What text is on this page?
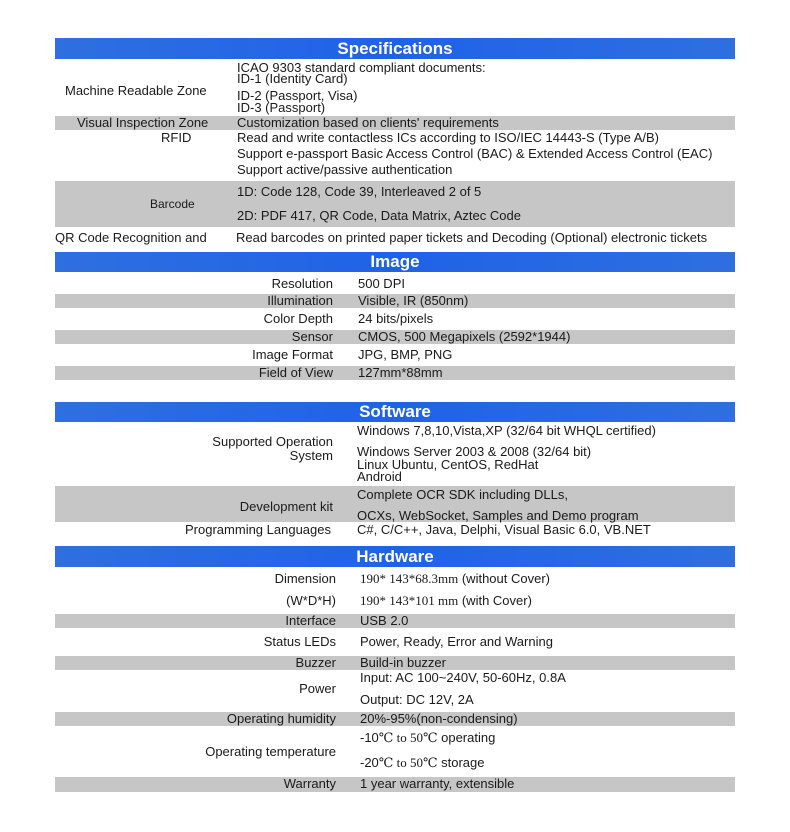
Specifications
Machine Readable Zone
ICAO 9303 standard compliant documents:
ID-1 (Identity Card)
ID-2 (Passport, Visa)
ID-3 (Passport)
Visual Inspection Zone Customization based on clients' requirements
RFID	Read and write contactless ICs according to ISO/IEC 14443-S (Type A/B)
Support e-passport Basic Access Control (BAC) & Extended Access Control (EAC)
Support active/passive authentication
Barcode
1D: Code 128, Code 39, Interleaved 2 of 5
2D: PDF 417, QR Code, Data Matrix, Aztec Code
QR Code Recognition and Read barcodes on printed paper tickets and Decoding (Optional) electronic tickets
Image
Resolution 500 DPI
Illumination Visible, IR (850nm)
Color Depth 24 bits/pixels
Sensor CMOS, 500 Megapixels (2592*1944)
Image Format JPG, BMP, PNG
Field of View 127mm*88mm
Software
Supported Operation
System
Windows 7,8,10,Vista,XP (32/64 bit WHQL certified)
Windows Server 2003 & 2008 (32/64 bit)
Linux Ubuntu, CentOS, RedHat
Android
Development kit
Complete OCR SDK including DLLs,
OCXs, WebSocket, Samples and Demo program
Programming Languages C#, C/C++, Java, Delphi, Visual Basic 6.0, VB.NET
Hardware
Dimension
(W*D*H)
190* 143*68.3mm (without Cover)
190* 143*101 mm (with Cover)
Interface USB 2.0
Status LEDs Power, Ready, Error and Warning
Buzzer Build-in buzzer
Power
Input: AC 100~240V, 50-60Hz, 0.8A
Output: DC 12V, 2A
Operating humidity 20%-95%(non-condensing)
Operating temperature
-10℃ to 50℃ operating
-20℃ to 50℃ storage
Warranty 1 year warranty, extensible
